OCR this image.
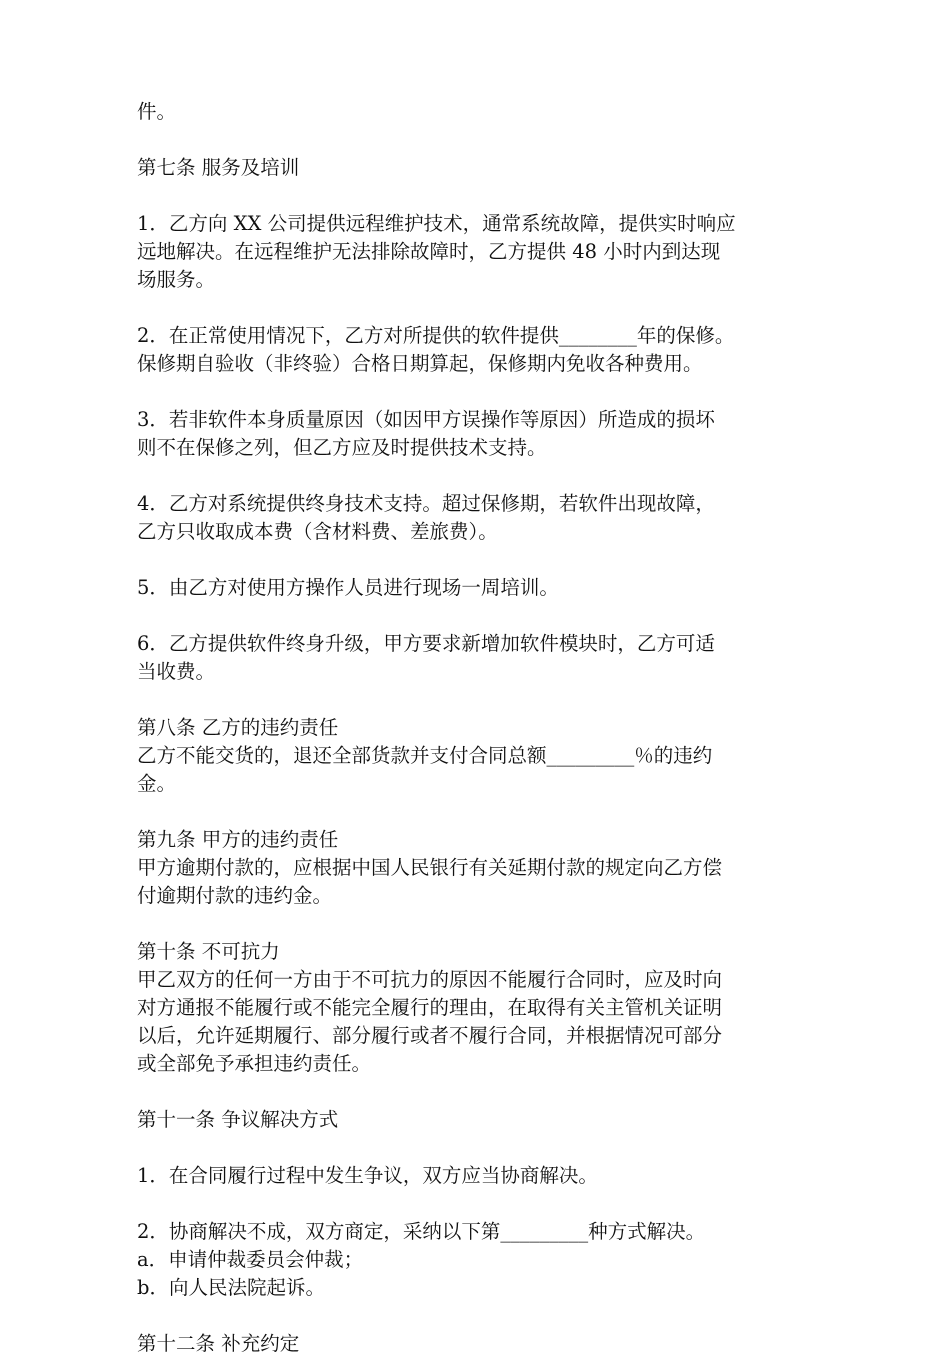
件。
第七条 服务及培训
1．乙方向 XX 公司提供远程维护技术，通常系统故障，提供实时响应
远地解决。在远程维护无法排除故障时，乙方提供 48 小时内到达现
场服务。
2．在正常使用情况下，乙方对所提供的软件提供________年的保修。
保修期自验收（非终验）合格日期算起，保修期内免收各种费用。
3．若非软件本身质量原因（如因甲方误操作等原因）所造成的损坏
则不在保修之列，但乙方应及时提供技术支持。
4．乙方对系统提供终身技术支持。超过保修期，若软件出现故障，
乙方只收取成本费（含材料费、差旅费）。
5．由乙方对使用方操作人员进行现场一周培训。
6．乙方提供软件终身升级，甲方要求新增加软件模块时，乙方可适
当收费。
第八条 乙方的违约责任
乙方不能交货的，退还全部货款并支付合同总额_________％的违约
金。
第九条 甲方的违约责任
甲方逾期付款的，应根据中国人民银行有关延期付款的规定向乙方偿
付逾期付款的违约金。
第十条 不可抗力
甲乙双方的任何一方由于不可抗力的原因不能履行合同时，应及时向
对方通报不能履行或不能完全履行的理由，在取得有关主管机关证明
以后，允许延期履行、部分履行或者不履行合同，并根据情况可部分
或全部免予承担违约责任。
第十一条 争议解决方式
1．在合同履行过程中发生争议，双方应当协商解决。
2．协商解决不成，双方商定，采纳以下第_________种方式解决。
a．申请仲裁委员会仲裁；
b．向人民法院起诉。
第十二条 补充约定
